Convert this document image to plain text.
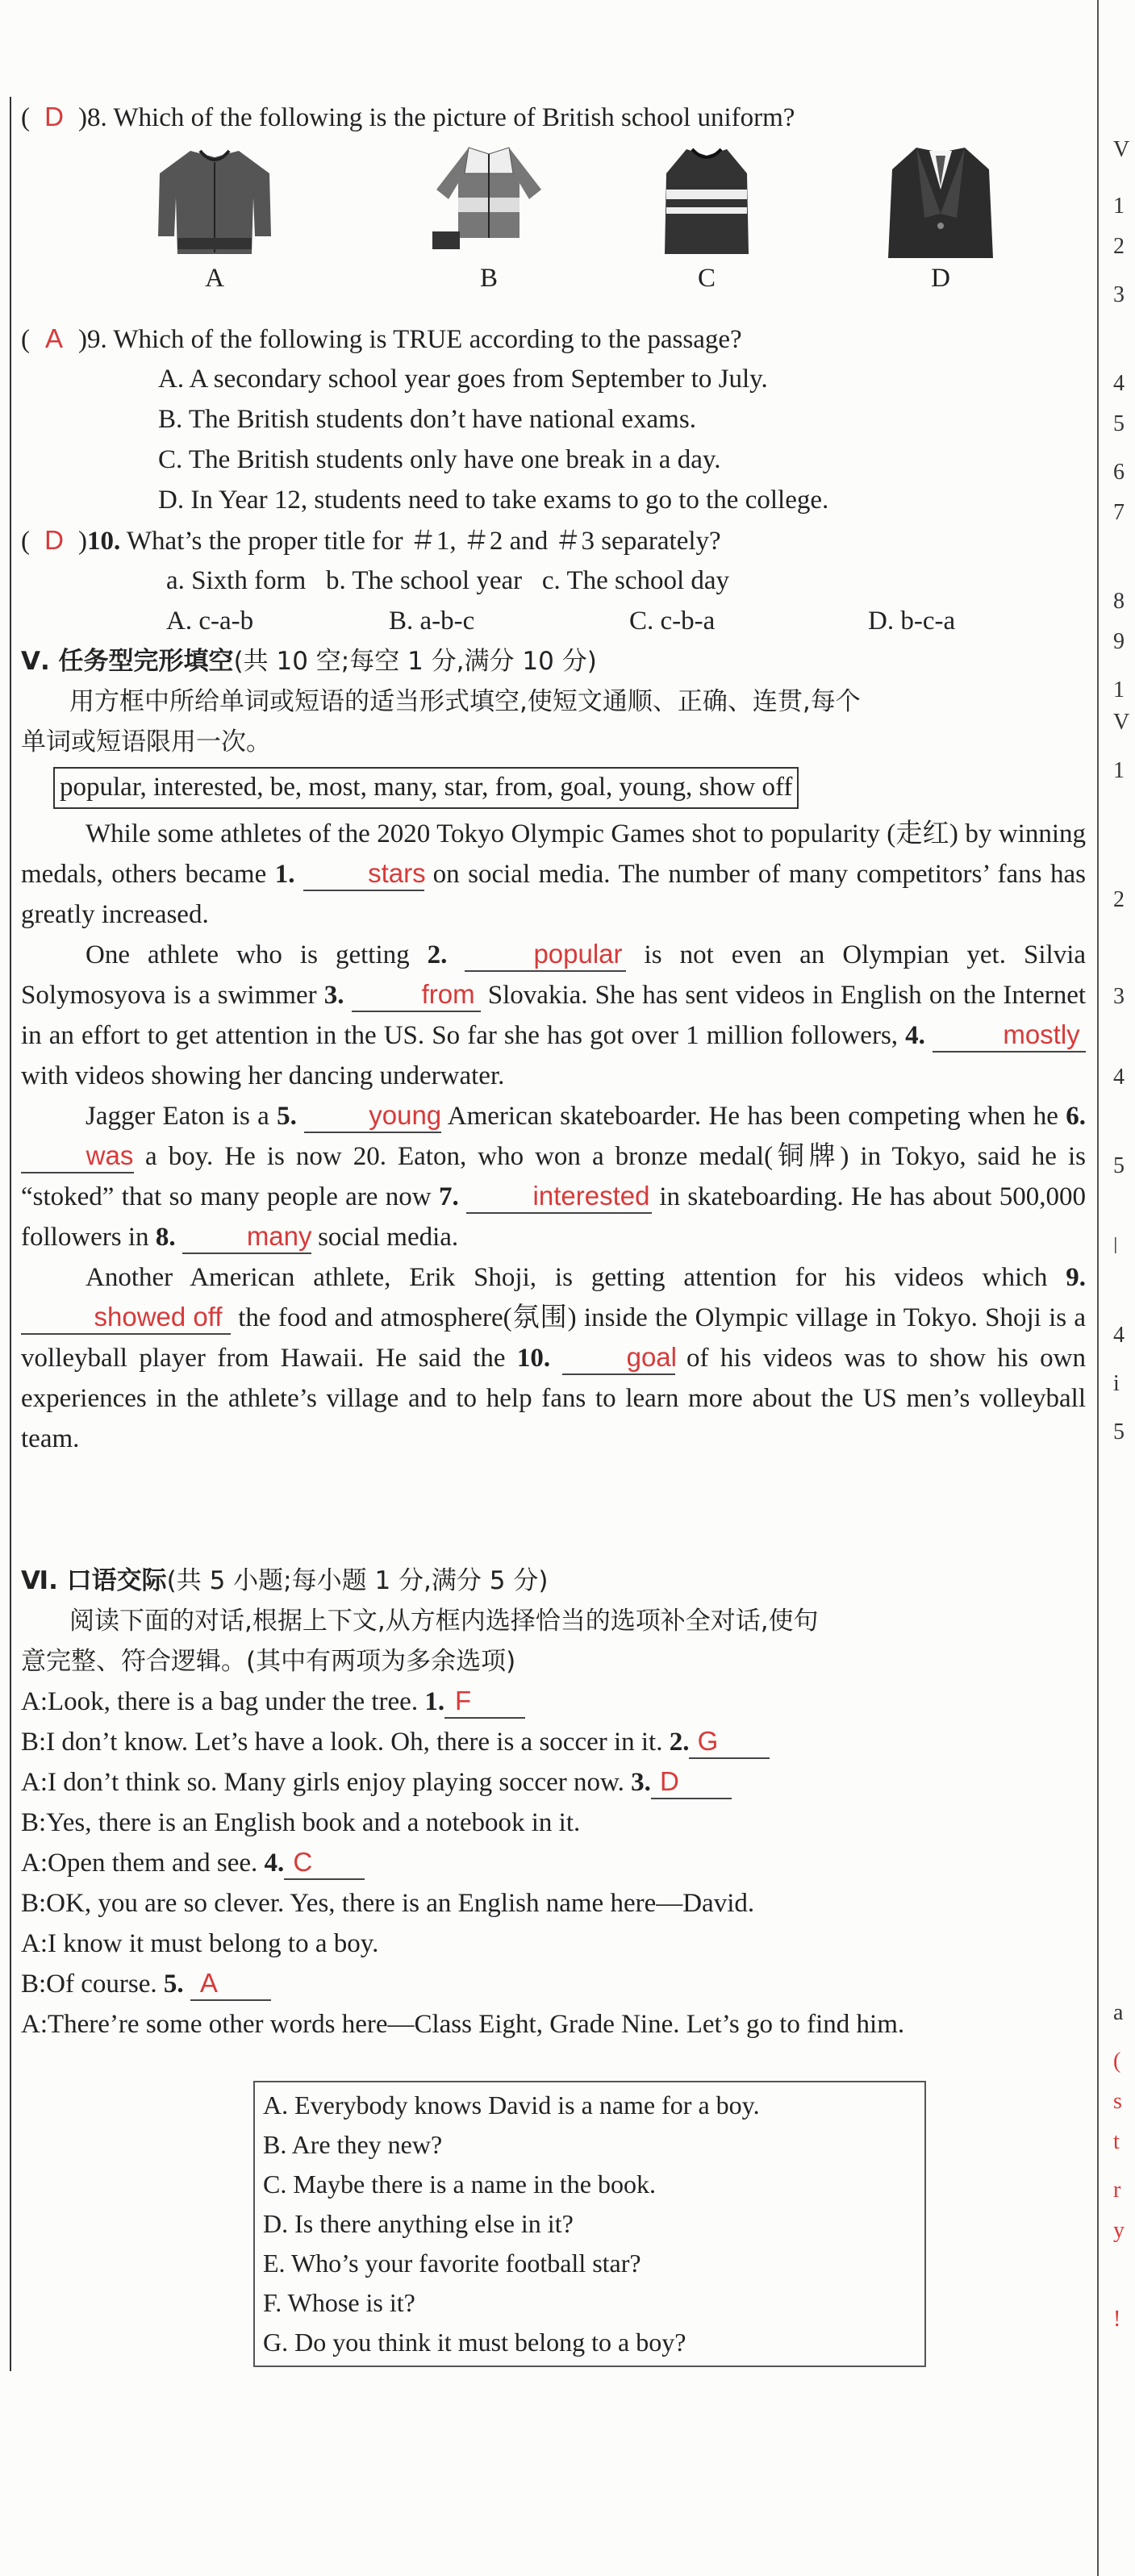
V
1
2
3
4
5
6
7
8
9
1
V
1
2
3
4
5
ǀ
4
i
5
a
(
s
t
r
y
!
( D )8. Which of the following is the picture of British school uniform?
A	B	C	D
( A )9. Which of the following is TRUE according to the passage?
A. A secondary school year goes from September to July.
B. The British students don’t have national exams.
C. The British students only have one break in a day.
D. In Year 12, students need to take exams to go to the college.
( D )10. What’s the proper title for ＃1, ＃2 and ＃3 separately?
a. Sixth form b. The school year c. The school day
A. c-a-b	B. a-b-c	C. c-b-a	D. b-c-a
Ⅴ. 任务型完形填空(共 10 空;每空 1 分,满分 10 分)
用方框中所给单词或短语的适当形式填空,使短文通顺、正确、连贯,每个
单词或短语限用一次。
popular, interested, be, most, many, star, from, goal, young, show off
While some athletes of the 2020 Tokyo Olympic Games shot to popularity (走红) by winning medals, others became 1.	stars on social media. The number of many competitors’ fans has greatly increased.
One athlete who is getting 2.	popular is not even an Olympian yet. Silvia Solymosyova is a swimmer 3.	from Slovakia. She has sent videos in English on the Internet in an effort to get attention in the US. So far she has got over 1 million followers, 4.	mostly with videos showing her dancing underwater.
Jagger Eaton is a 5.	young American skateboarder. He has been competing when he 6. was a boy. He is now 20. Eaton, who won a bronze medal(铜牌) in Tokyo, said he is “stoked” that so many people are now 7.	interested in skateboarding. He has about 500,000 followers in 8.	many social media.
Another American athlete, Erik Shoji, is getting attention for his videos which 9. showed off the food and atmosphere(氛围) inside the Olympic village in Tokyo. Shoji is a volleyball player from Hawaii. He said the 10.	goal of his videos was to show his own experiences in the athlete’s village and to help fans to learn more about the US men’s volleyball team.
Ⅵ. 口语交际(共 5 小题;每小题 1 分,满分 5 分)
阅读下面的对话,根据上下文,从方框内选择恰当的选项补全对话,使句
意完整、符合逻辑。(其中有两项为多余选项)
A:Look, there is a bag under the tree. 1. F
B:I don’t know. Let’s have a look. Oh, there is a soccer in it. 2. G
A:I don’t think so. Many girls enjoy playing soccer now. 3. D
B:Yes, there is an English book and a notebook in it.
A:Open them and see. 4. C
B:OK, you are so clever. Yes, there is an English name here—David.
A:I know it must belong to a boy.
B:Of course. 5. A
A:There’re some other words here—Class Eight, Grade Nine. Let’s go to find him.
A. Everybody knows David is a name for a boy.
B. Are they new?
C. Maybe there is a name in the book.
D. Is there anything else in it?
E. Who’s your favorite football star?
F. Whose is it?
G. Do you think it must belong to a boy?
